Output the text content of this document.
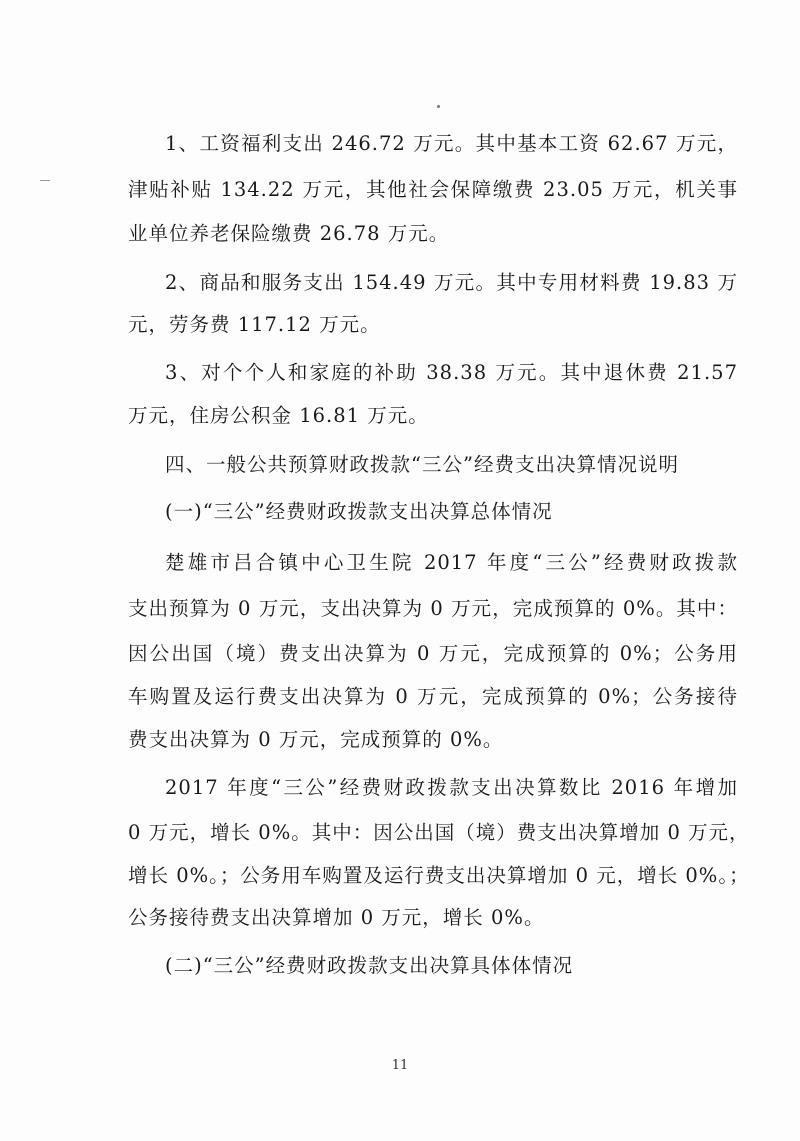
1、工资福利支出 246.72 万元。其中基本工资 62.67 万元，
津贴补贴 134.22 万元，其他社会保障缴费 23.05 万元，机关事
业单位养老保险缴费 26.78 万元。
2、商品和服务支出 154.49 万元。其中专用材料费 19.83 万
元，劳务费 117.12 万元。
3、对个个人和家庭的补助 38.38 万元。其中退休费 21.57
万元，住房公积金 16.81 万元。
四、一般公共预算财政拨款“三公”经费支出决算情况说明
(一)“三公”经费财政拨款支出决算总体情况
楚雄市吕合镇中心卫生院 2017 年度“三公”经费财政拨款
支出预算为 0 万元，支出决算为 0 万元，完成预算的 0%。其中：
因公出国（境）费支出决算为 0 万元，完成预算的 0%；公务用
车购置及运行费支出决算为 0 万元，完成预算的 0%；公务接待
费支出决算为 0 万元，完成预算的 0%。
2017 年度“三公”经费财政拨款支出决算数比 2016 年增加
0 万元，增长 0%。其中：因公出国（境）费支出决算增加 0 万元，
增长 0%。；公务用车购置及运行费支出决算增加 0 元，增长 0%。；
公务接待费支出决算增加 0 万元，增长 0%。
(二)“三公”经费财政拨款支出决算具体体情况
11
